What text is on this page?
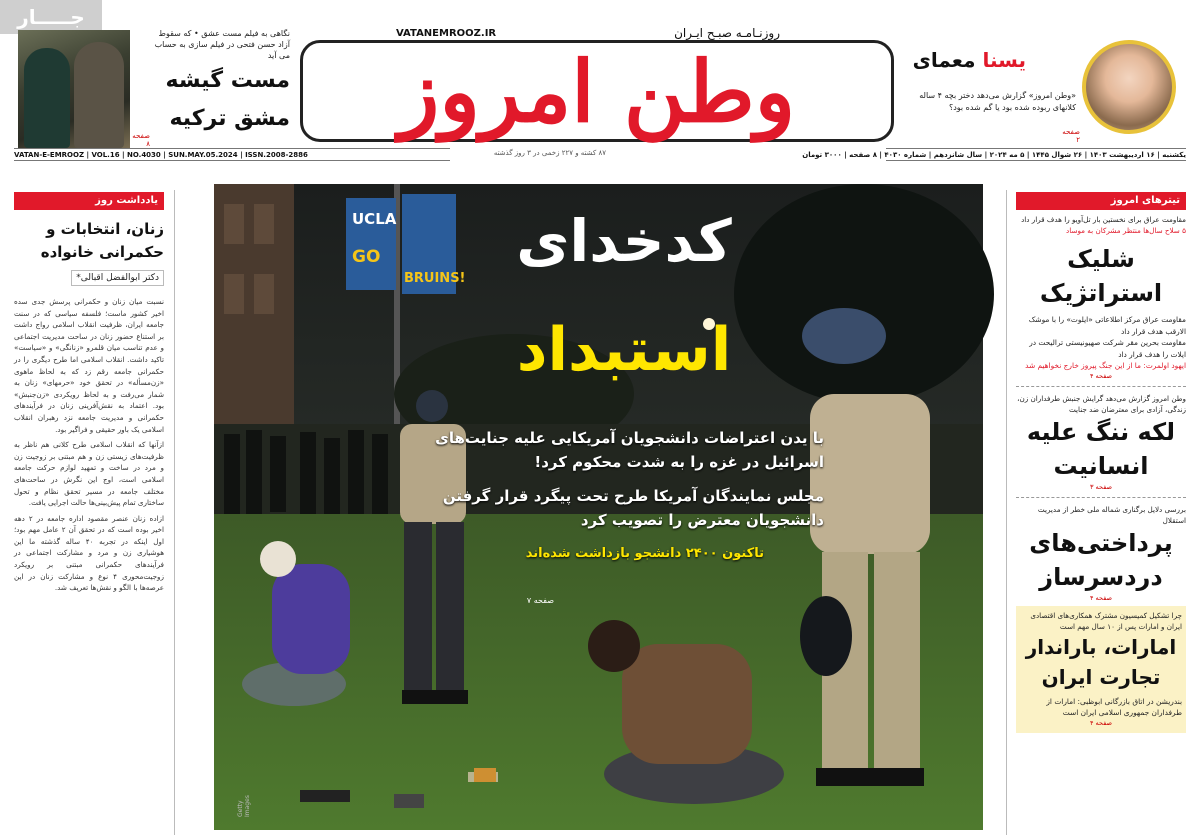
جـــــار
نگاهی به فیلم مست عشق • که سقوط آزاد حسن فتحی در فیلم سازی به حساب می آید
مست گیشه
مشق ترکیه
صفحه ۸
وطن امروز
VATANEMROOZ.IR	روزنـامـه صبـح ایـران
یسنا معمای
«وطن امروز» گزارش می‌دهد دختر بچه ۴ ساله کلانهای ربوده شده بود یا گم شده بود؟
صفحه ۲
VATAN-E-EMROOZ | VOL.16 | NO.4030 | SUN.MAY.05.2024 | ISSN.2008-2886	۸۷ کشته و ۲۲۷ زخمی در ۳ روز گذشته	یکشنبه | ۱۶ اردیبهشت ۱۴۰۳ | ۲۶ شوال ۱۴۴۵ | ۵ مه ۲۰۲۴ | سال شانزدهم | شماره ۴۰۳۰ | ۸ صفحه | ۳۰۰۰ تومان
یادداشت روز
زنان، انتخابات و حکمرانی خانواده
دکتر ابوالفضل اقبالی*

نسبت میان زنان و حکمرانی پرسش جدی سده اخیر کشور ماست؛ فلسفه سیاسی که در سنت جامعه ایران، ظرفیت انقلاب اسلامی رواج داشت بر استناع حضور زنان در ساحت مدیریت اجتماعی و عدم تناسب میان قلمرو «زنانگی» و «سیاست» تاکید داشت. انقلاب اسلامی اما طرح دیگری را در حکمرانی جامعه رقم زد که به لحاظ ماهوی «زن‌مسأله» در تحقق خود «حرمهای» زنان ‌به شمار می‌رفت و به لحاظ رویکردی «زن‌جنبش» بود. اعتماد به نقش‌آفرینی زنان در فرآیندهای حکمرانی و مدیریت جامعه نزد رهبران انقلاب اسلامی یک باور حقیقی و فراگیر بود.

ازآنها که انقلاب اسلامی طرح کلانی هم ناظر به ظرفیت‌های زیستی زن و هم مبتنی بر زوجیت زن و مرد در ساخت و تمهید لوازم حرکت جامعه اسلامی است، اوج این نگرش در ساحت‌های مختلف جامعه در مسیر تحقق نظام و تحول ساختاری تمام پیش‌بینی‌ها حالت اجرایی یافت.

ازاده زنان عنصر مقصود اداره جامعه در ۲ دهه اخیر بوده است که در تحقق آن ۲ عامل مهم بود؛ اول اینکه در تجربه ۴۰ ساله گذشته ما این هوشیاری زن و مرد و مشارکت اجتماعی در فرآیندهای حکمرانی مبتنی بر رویکرد زوجیت‌محوری ۴ نوع و مشارکت زنان در این عرصه‌ها با الگو و نقش‌ها تعریف شد.

UCLA
GO
BRUINS!
کدخدای
استبداد
با یدن اعتراضات دانشجویان آمریکایی علیه جنایت‌های اسرائیل در غزه را به شدت محکوم کرد!
مجلس نمایندگان آمریکا طرح تحت پیگرد قرار گرفتن دانشجویان معترض را تصویب کرد
تاکنون ۲۴۰۰ دانشجو بازداشت شده‌اند
صفحه ۷
Getty Images
تیترهای امروز
مقاومت عراق برای نخستین بار تل‌آویو را هدف قرار داد
۵ سلاح سال‌ها منتظر مشرکان به موساد
شلیک استراتژیک
مقاومت عراق مرکز اطلاعاتی «ایلوت» را با موشک الارقب هدف قرار داد
مقاومت بحرین مقر شرکت صهیونیستی ترالیحت در ایلات را هدف قرار داد
ایهود اولمرت: ما از این جنگ پیروز خارج نخواهیم شد
صفحه ۴
وطن امروز گزارش می‌دهد گرایش جنبش طرفداران زن، زندگی، آزادی برای معترضان ضد جنایت
لکه ننگ علیه انسانیت
صفحه ۳
بررسی دلایل برگناری شماله ملی خطر از مدیریت استقلال
پرداختی‌های دردسرساز
صفحه ۴
چرا تشکیل کمیسیون مشترک همکاری‌های اقتصادی ایران و امارات پس از ۱۰ سال مهم است
امارات، باراندار تجارت ایران
بندریشن در اتاق بازرگانی ابوظبی: امارات از طرفداران جمهوری اسلامی ایران است
صفحه ۴
